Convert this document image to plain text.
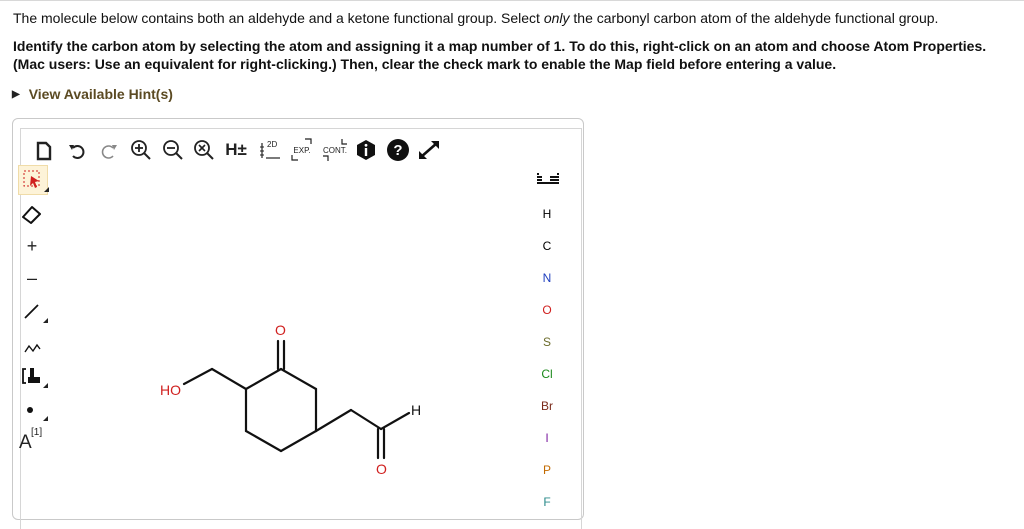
The molecule below contains both an aldehyde and a ketone functional group. Select only the carbonyl carbon atom of the aldehyde functional group.
Identify the carbon atom by selecting the atom and assigning it a map number of 1. To do this, right-click on an atom and choose Atom Properties.
(Mac users: Use an equivalent for right-clicking.) Then, clear the check mark to enable the Map field before entering a value.
▶ View Available Hint(s)
H±	2D
EXP. CONT.	?
+
–
A [1]
H
C
N
O
S
Cl
Br
I
P
F
HO
O
O
H
